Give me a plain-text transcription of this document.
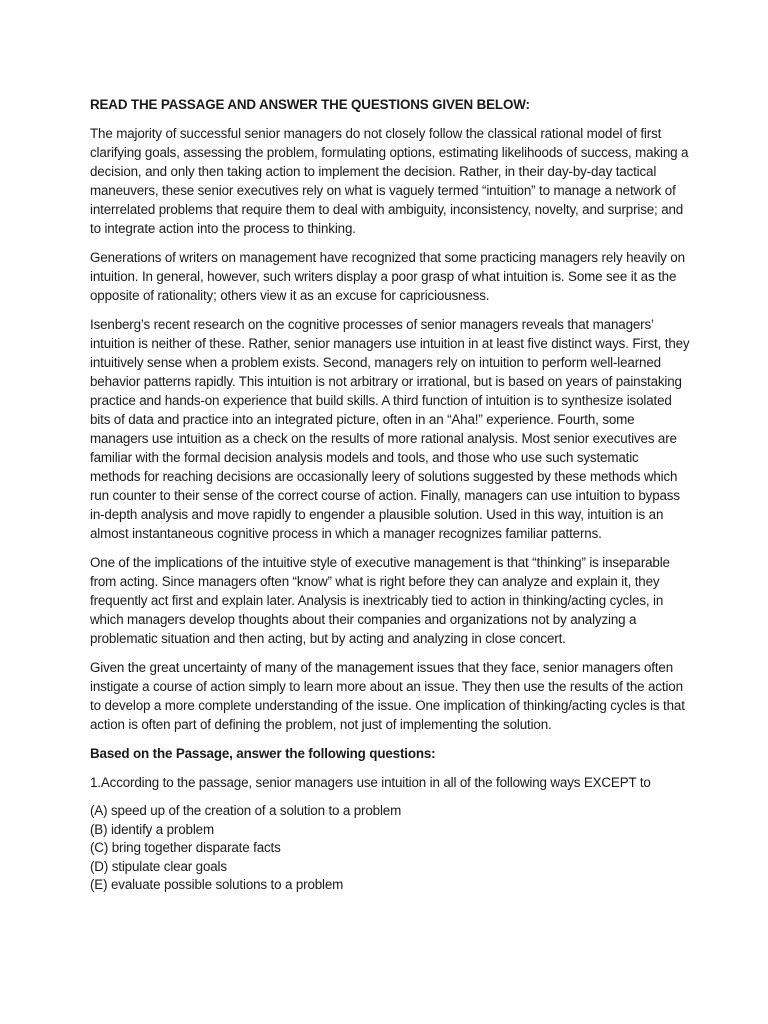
READ THE PASSAGE AND ANSWER THE QUESTIONS GIVEN BELOW:

The majority of successful senior managers do not closely follow the classical rational model of first clarifying goals, assessing the problem, formulating options, estimating likelihoods of success, making a decision, and only then taking action to implement the decision. Rather, in their day-by-day tactical maneuvers, these senior executives rely on what is vaguely termed “intuition” to manage a network of interrelated problems that require them to deal with ambiguity, inconsistency, novelty, and surprise; and to integrate action into the process to thinking.

Generations of writers on management have recognized that some practicing managers rely heavily on intuition. In general, however, such writers display a poor grasp of what intuition is. Some see it as the opposite of rationality; others view it as an excuse for capriciousness.

Isenberg’s recent research on the cognitive processes of senior managers reveals that managers’ intuition is neither of these. Rather, senior managers use intuition in at least five distinct ways. First, they intuitively sense when a problem exists. Second, managers rely on intuition to perform well-learned behavior patterns rapidly. This intuition is not arbitrary or irrational, but is based on years of painstaking practice and hands-on experience that build skills. A third function of intuition is to synthesize isolated bits of data and practice into an integrated picture, often in an “Aha!” experience. Fourth, some managers use intuition as a check on the results of more rational analysis. Most senior executives are familiar with the formal decision analysis models and tools, and those who use such systematic methods for reaching decisions are occasionally leery of solutions suggested by these methods which run counter to their sense of the correct course of action. Finally, managers can use intuition to bypass in-depth analysis and move rapidly to engender a plausible solution. Used in this way, intuition is an almost instantaneous cognitive process in which a manager recognizes familiar patterns.

One of the implications of the intuitive style of executive management is that “thinking” is inseparable from acting. Since managers often “know” what is right before they can analyze and explain it, they frequently act first and explain later. Analysis is inextricably tied to action in thinking/acting cycles, in which managers develop thoughts about their companies and organizations not by analyzing a problematic situation and then acting, but by acting and analyzing in close concert.

Given the great uncertainty of many of the management issues that they face, senior managers often instigate a course of action simply to learn more about an issue. They then use the results of the action to develop a more complete understanding of the issue. One implication of thinking/acting cycles is that action is often part of defining the problem, not just of implementing the solution.

Based on the Passage, answer the following questions:

1.According to the passage, senior managers use intuition in all of the following ways EXCEPT to

(A) speed up of the creation of a solution to a problem
(B) identify a problem
(C) bring together disparate facts
(D) stipulate clear goals
(E) evaluate possible solutions to a problem
